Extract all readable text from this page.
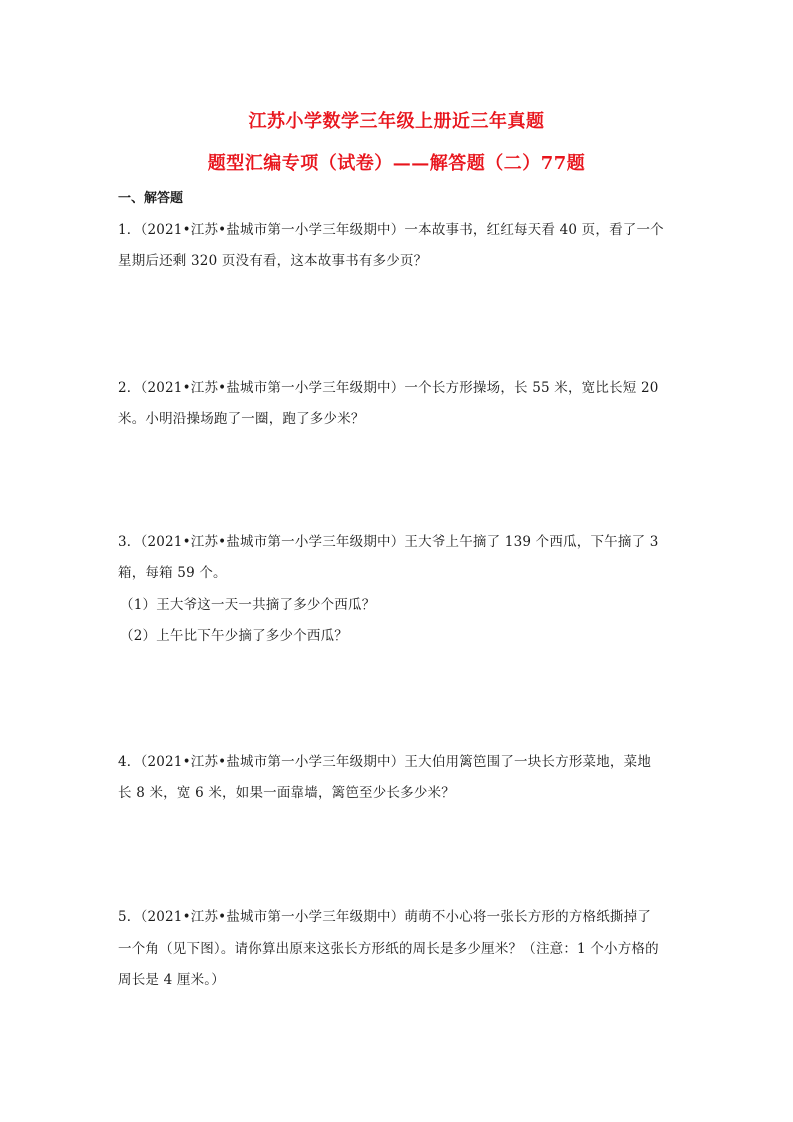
江苏小学数学三年级上册近三年真题
题型汇编专项（试卷）——解答题（二）77题
一、解答题
1．（2021•江苏•盐城市第一小学三年级期中）一本故事书，红红每天看 40 页，看了一个
星期后还剩 320 页没有看，这本故事书有多少页？
2．（2021•江苏•盐城市第一小学三年级期中）一个长方形操场，长 55 米，宽比长短 20
米。小明沿操场跑了一圈，跑了多少米？
3．（2021•江苏•盐城市第一小学三年级期中）王大爷上午摘了 139 个西瓜，下午摘了 3
箱，每箱 59 个。
（1）王大爷这一天一共摘了多少个西瓜？
（2）上午比下午少摘了多少个西瓜？
4．（2021•江苏•盐城市第一小学三年级期中）王大伯用篱笆围了一块长方形菜地，菜地
长 8 米，宽 6 米，如果一面靠墙，篱笆至少长多少米？
5．（2021•江苏•盐城市第一小学三年级期中）萌萌不小心将一张长方形的方格纸撕掉了
一个角（见下图）。请你算出原来这张长方形纸的周长是多少厘米？（注意：1 个小方格的
周长是 4 厘米。）
